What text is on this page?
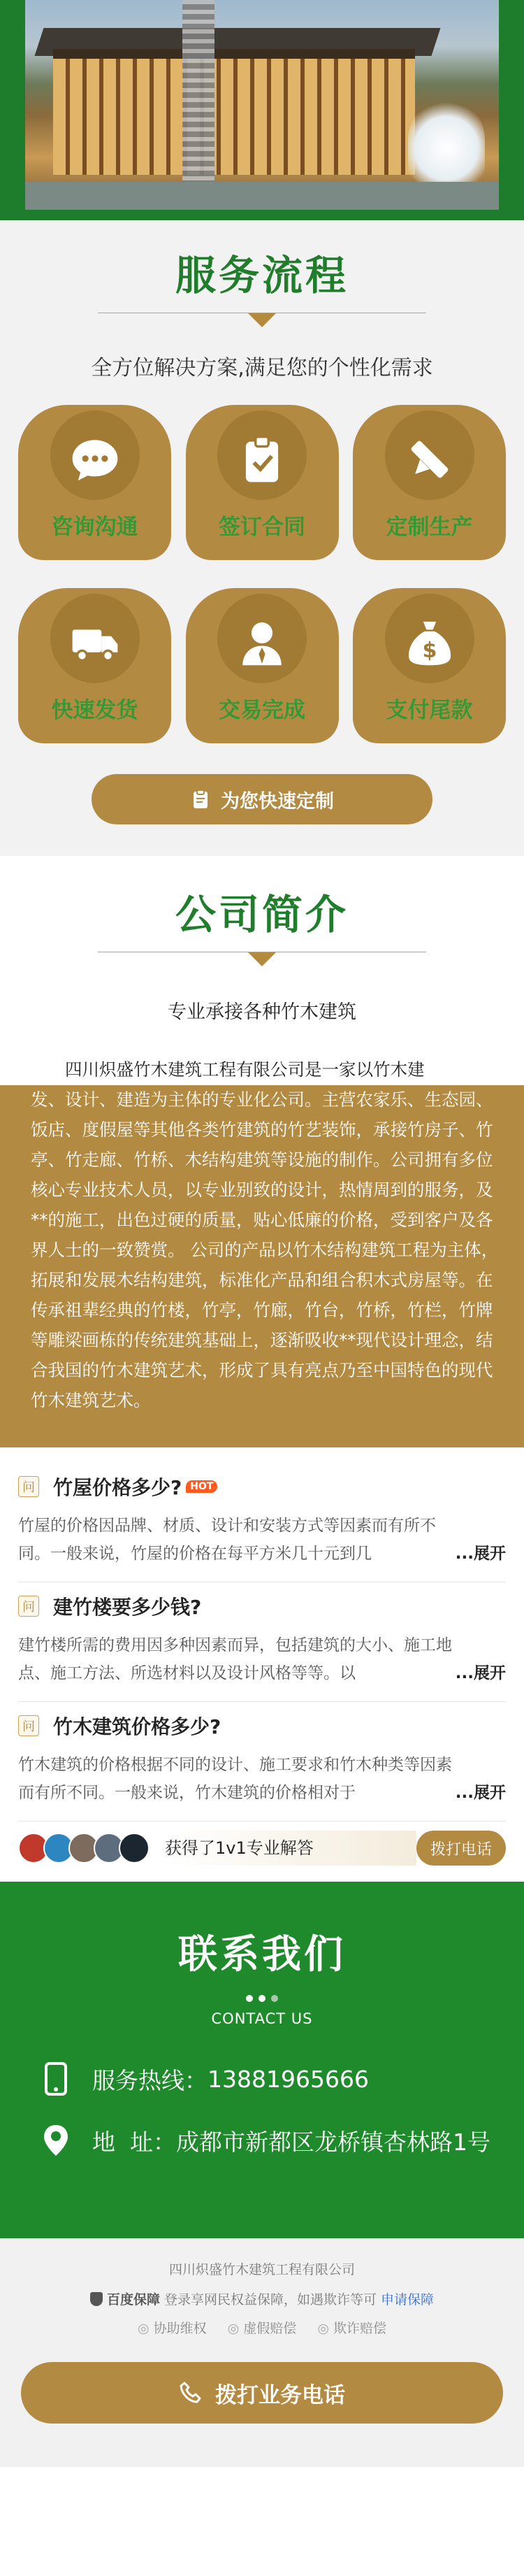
服务流程

全方位解决方案,满足您的个性化需求

咨询沟通	签订合同	定制生产
快速发货	交易完成
$
支付尾款
为您快速定制
公司简介

专业承接各种竹木建筑

四川炽盛竹木建筑工程有限公司是一家以竹木建筑的研发、设计、建造为主体的专业化公司。主营农家乐、生态园、饭店、度假屋等其他各类竹建筑的竹艺装饰，承接竹房子、竹亭、竹走廊、竹桥、木结构建筑等设施的制作。公司拥有多位核心专业技术人员，以专业别致的设计，热情周到的服务，及**的施工，出色过硬的质量，贴心低廉的价格，受到客户及各界人士的一致赞赏。 公司的产品以竹木结构建筑工程为主体，拓展和发展木结构建筑，标准化产品和组合积木式房屋等。在传承祖辈经典的竹楼，竹亭，竹廊，竹台，竹桥，竹栏，竹牌等雕梁画栋的传统建筑基础上，逐渐吸收**现代设计理念，结合我国的竹木建筑艺术，形成了具有亮点乃至中国特色的现代竹木建筑艺术。

问 竹屋价格多少? HOT
竹屋的价格因品牌、材质、设计和安装方式等因素而有所不同。一般来说，竹屋的价格在每平方米几十元到几	...展开
问 建竹楼要多少钱?
建竹楼所需的费用因多种因素而异，包括建筑的大小、施工地点、施工方法、所选材料以及设计风格等等。以	...展开
问 竹木建筑价格多少?
竹木建筑的价格根据不同的设计、施工要求和竹木种类等因素而有所不同。一般来说，竹木建筑的价格相对于	...展开
获得了1v1专业解答	拨打电话
联系我们
CONTACT US
服务热线： 13881965666
地  址： 成都市新都区龙桥镇杏林路1号
四川炽盛竹木建筑工程有限公司
百度保障 登录享网民权益保障，如遇欺诈等可 申请保障
◎ 协助维权	◎ 虚假赔偿	◎ 欺诈赔偿
拨打业务电话
